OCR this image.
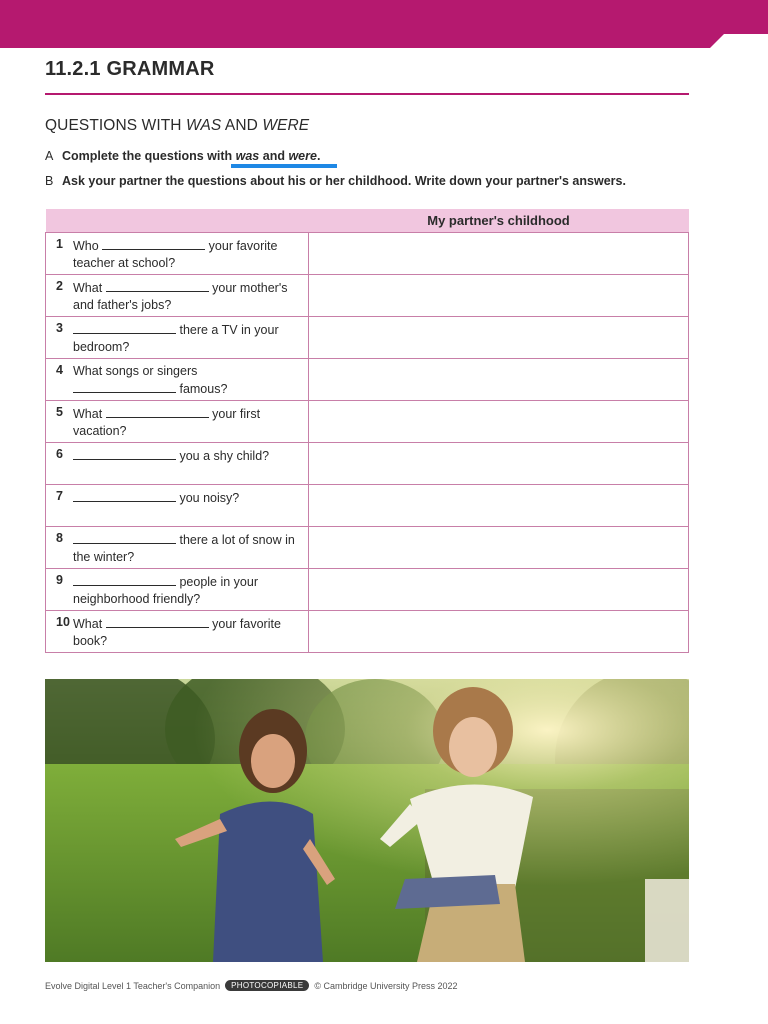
11.2.1 GRAMMAR
QUESTIONS WITH WAS AND WERE
A Complete the questions with was and were.
B Ask your partner the questions about his or her childhood. Write down your partner's answers.
	My partner's childhood

1 Who your favorite teacher at school?	

2 What your mother's and father's jobs?	

3 there a TV in your bedroom?	

4 What songs or singers  famous?	

5 What your first vacation?	

6 you a shy child?	

7 you noisy?	

8 there a lot of snow in the winter?	

9 people in your neighborhood friendly?	

10 What your favorite book?	

Evolve Digital Level 1 Teacher's Companion	PHOTOCOPIABLE	© Cambridge University Press 2022
